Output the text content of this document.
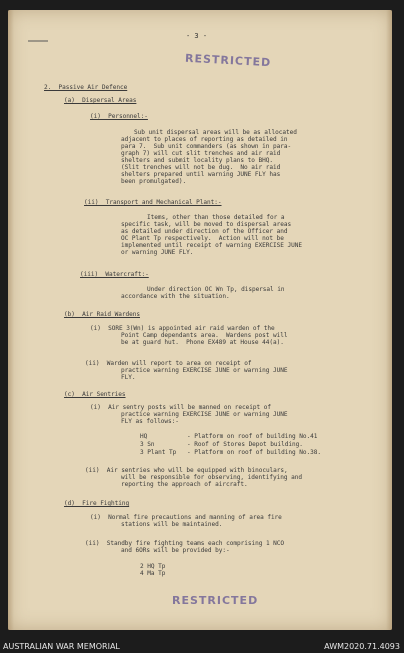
- 3 -
RESTRICTED
2.  Passive Air Defence
(a)  Dispersal Areas
(i)  Personnel:-
Sub unit dispersal areas will be as allocated
adjacent to places of reporting as detailed in
para 7.  Sub unit commanders (as shown in para-
graph 7) will cut slit trenches and air raid
shelters and submit locality plans to BHQ.
(Slit trenches will not be dug.  No air raid
shelters prepared until warning JUNE FLY has
been promulgated).
(ii)  Transport and Mechanical Plant:-
Items, other than those detailed for a
specific task, will be moved to dispersal areas
as detailed under direction of the Officer and
OC Plant Tp respectively.  Action will not be
implemented until receipt of warning EXERCISE JUNE
or warning JUNE FLY.
(iii)  Watercraft:-
Under direction OC Wn Tp, dispersal in
accordance with the situation.
(b)  Air Raid Wardens
(i)  SORE 3(Wn) is appointed air raid warden of the
Point Camp dependants area.  Wardens post will
be at guard hut.  Phone EX489 at House 44(a).
(ii)  Warden will report to area on receipt of
practice warning EXERCISE JUNE or warning JUNE
FLY.
(c)  Air Sentries
(i)  Air sentry posts will be manned on receipt of
practice warning EXERCISE JUNE or warning JUNE
FLY as follows:-
HQ           - Platform on roof of building No.41
3 Sn         - Roof of Stores Depot building.
3 Plant Tp   - Platform on roof of building No.38.
(ii)  Air sentries who will be equipped with binoculars,
will be responsible for observing, identifying and
reporting the approach of aircraft.
(d)  Fire Fighting
(i)  Normal fire precautions and manning of area fire
stations will be maintained.
(ii)  Standby fire fighting teams each comprising 1 NCO
and 6ORs will be provided by:-
2 HQ Tp
4 Ma Tp
RESTRICTED
AUSTRALIAN WAR MEMORIAL	AWM2020.71.4093
